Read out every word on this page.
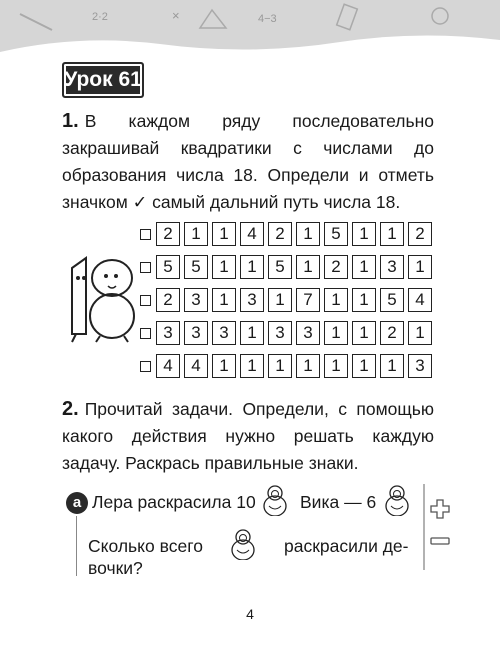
2·2	×	4−3
Урок 61
1. В каждом ряду последовательно закрашивай квадратики с числами до образования числа 18. Определи и отметь значком ✓ самый дальний путь числа 18.
2	1	1	4	2	1	5	1	1	2
5	5	1	1	5	1	2	1	3	1
2	3	1	3	1	7	1	1	5	4
3	3	3	1	3	3	1	1	2	1
4	4	1	1	1	1	1	1	1	3
2. Прочитай задачи. Определи, с помощью какого действия нужно решать каждую задачу. Раскрась правильные знаки.
а Лера раскрасила 10	Вика — 6
Сколько всего	раскрасили де-
вочки?
4
